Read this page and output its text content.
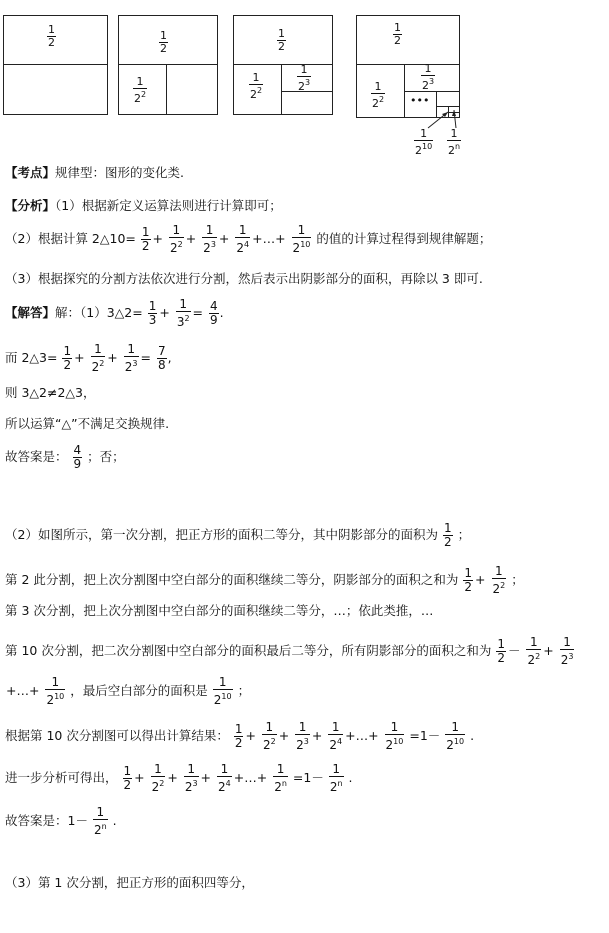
$\frac{1}{2}$	$\frac{1}{2}$
$\frac{1}{2^2}$
$\frac{1}{2}$
$\frac{1}{2^2}$	$\frac{1}{2^3}$
$\frac{1}{2}$
$\frac{1}{2^2}$
$\frac{1}{2^3}$
•••
$\frac{1}{2^{10}} \frac{1}{2^n}$
【考点】规律型：图形的变化类.
【分析】（1）根据新定义运算法则进行计算即可；
（2）根据计算 2△10= $\frac{1}{2} + \frac{1}{2^2} + \frac{1}{2^3} + \frac{1}{2^4}$ +…+ $\frac{1}{2^{10}}$ 的值的计算过程得到规律解题；
（3）根据探究的分割方法依次进行分割，然后表示出阴影部分的面积，再除以 3 即可.
【解答】解：（1）3△2= $\frac{1}{3} + \frac{1}{3^2} = \frac{4}{9}$ .
而 2△3= $\frac{1}{2} + \frac{1}{2^2} + \frac{1}{2^3} = \frac{7}{8}$ ,
则 3△2≠2△3，
所以运算“△”不满足交换规律.
故答案是： $\frac{4}{9}$ ；否；
（2）如图所示，第一次分割，把正方形的面积二等分，其中阴影部分的面积为 $\frac{1}{2}$ ；
第 2 此分割，把上次分割图中空白部分的面积继续二等分，阴影部分的面积之和为 $\frac{1}{2} + \frac{1}{2^2}$ ；
第 3 次分割，把上次分割图中空白部分的面积继续二等分，…；依此类推，…
第 10 次分割，把二次分割图中空白部分的面积最后二等分，所有阴影部分的面积之和为 $\frac{1}{2} - \frac{1}{2^2} + \frac{1}{2^3}$
+…+ $\frac{1}{2^{10}}$ ，最后空白部分的面积是 $\frac{1}{2^{10}}$ ；
根据第 10 次分割图可以得出计算结果： $\frac{1}{2} + \frac{1}{2^2} + \frac{1}{2^3} + \frac{1}{2^4}$ +…+ $\frac{1}{2^{10}} =1- \frac{1}{2^{10}}$ .
进一步分析可得出， $\frac{1}{2} + \frac{1}{2^2} + \frac{1}{2^3} + \frac{1}{2^4}$ +…+ $\frac{1}{2^n} =1- \frac{1}{2^n}$ .
故答案是：$1- \frac{1}{2^n}$ .
（3）第 1 次分割，把正方形的面积四等分，
